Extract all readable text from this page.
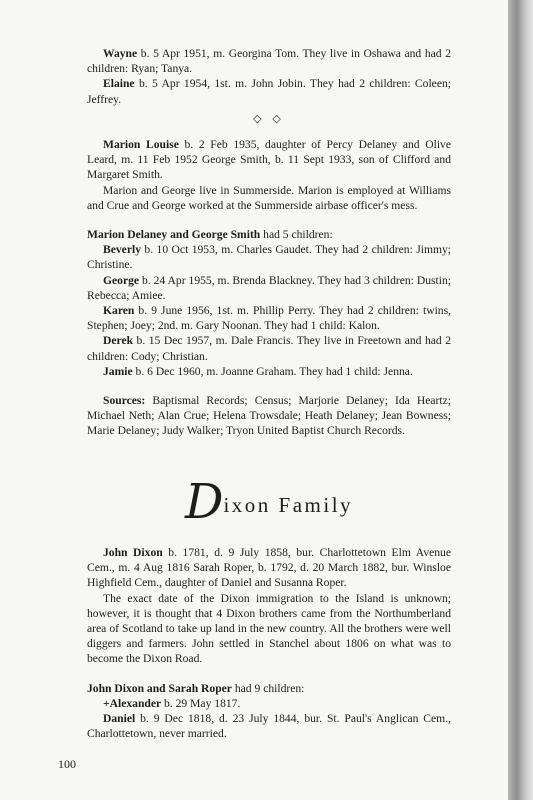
Wayne b. 5 Apr 1951, m. Georgina Tom. They live in Oshawa and had 2 children: Ryan; Tanya.

Elaine b. 5 Apr 1954, 1st. m. John Jobin. They had 2 children: Coleen; Jeffrey.

◇ ◇

Marion Louise b. 2 Feb 1935, daughter of Percy Delaney and Olive Leard, m. 11 Feb 1952 George Smith, b. 11 Sept 1933, son of Clifford and Margaret Smith.

Marion and George live in Summerside. Marion is employed at Williams and Crue and George worked at the Summerside airbase officer's mess.

Marion Delaney and George Smith had 5 children:

Beverly b. 10 Oct 1953, m. Charles Gaudet. They had 2 children: Jimmy; Christine.

George b. 24 Apr 1955, m. Brenda Blackney. They had 3 children: Dustin; Rebecca; Amiee.

Karen b. 9 June 1956, 1st. m. Phillip Perry. They had 2 children: twins, Stephen; Joey; 2nd. m. Gary Noonan. They had 1 child: Kalon.

Derek b. 15 Dec 1957, m. Dale Francis. They live in Freetown and had 2 children: Cody; Christian.

Jamie b. 6 Dec 1960, m. Joanne Graham. They had 1 child: Jenna.

Sources: Baptismal Records; Census; Marjorie Delaney; Ida Heartz; Michael Neth; Alan Crue; Helena Trowsdale; Heath Delaney; Jean Bowness; Marie Delaney; Judy Walker; Tryon United Baptist Church Records.

Dixon Family

John Dixon b. 1781, d. 9 July 1858, bur. Charlottetown Elm Avenue Cem., m. 4 Aug 1816 Sarah Roper, b. 1792, d. 20 March 1882, bur. Winsloe Highfield Cem., daughter of Daniel and Susanna Roper.

The exact date of the Dixon immigration to the Island is unknown; however, it is thought that 4 Dixon brothers came from the Northumberland area of Scotland to take up land in the new country. All the brothers were well diggers and farmers. John settled in Stanchel about 1806 on what was to become the Dixon Road.

John Dixon and Sarah Roper had 9 children:

+Alexander b. 29 May 1817.

Daniel b. 9 Dec 1818, d. 23 July 1844, bur. St. Paul's Anglican Cem., Charlottetown, never married.

100
